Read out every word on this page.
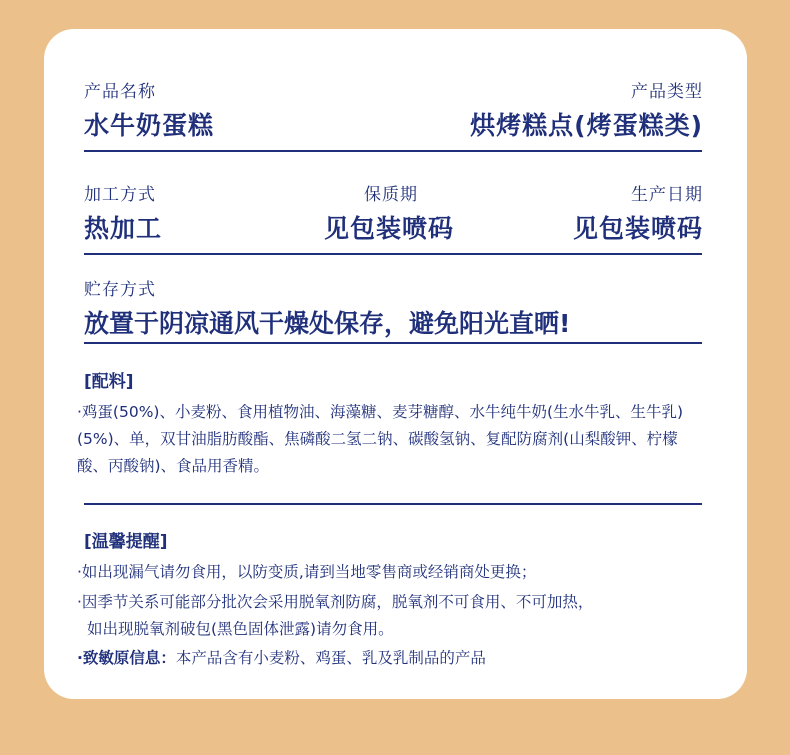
产品名称
水牛奶蛋糕
产品类型
烘烤糕点(烤蛋糕类)
加工方式
热加工
保质期
见包装喷码
生产日期
见包装喷码
贮存方式
放置于阴凉通风干燥处保存，避免阳光直晒!
[配料]
·鸡蛋(50%)、小麦粉、食用植物油、海藻糖、麦芽糖醇、水牛纯牛奶(生水牛乳、生牛乳)(5%)、单，双甘油脂肪酸酯、焦磷酸二氢二钠、碳酸氢钠、复配防腐剂(山梨酸钾、柠檬酸、丙酸钠)、食品用香精。
[温馨提醒]
·如出现漏气请勿食用，以防变质,请到当地零售商或经销商处更换；
·因季节关系可能部分批次会采用脱氧剂防腐，脱氧剂不可食用、不可加热，
如出现脱氧剂破包(黑色固体泄露)请勿食用。
·致敏原信息：本产品含有小麦粉、鸡蛋、乳及乳制品的产品
